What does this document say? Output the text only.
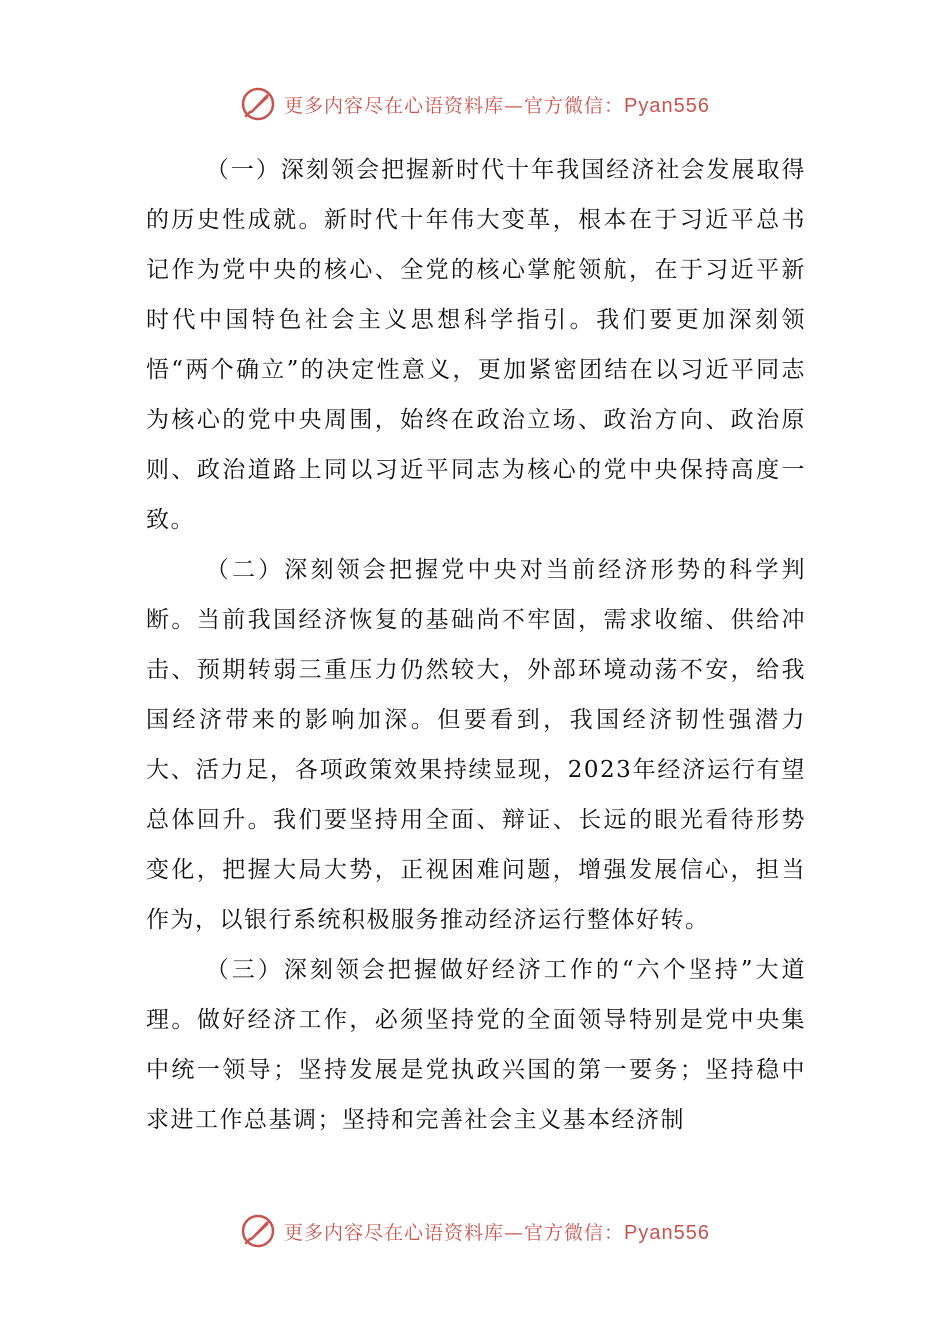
更多内容尽在心语资料库—官方微信：Pyan556

（一）深刻领会把握新时代十年我国经济社会发展取得的历史性成就。新时代十年伟大变革，根本在于习近平总书记作为党中央的核心、全党的核心掌舵领航，在于习近平新时代中国特色社会主义思想科学指引。我们要更加深刻领悟“两个确立”的决定性意义，更加紧密团结在以习近平同志为核心的党中央周围，始终在政治立场、政治方向、政治原则、政治道路上同以习近平同志为核心的党中央保持高度一致。

（二）深刻领会把握党中央对当前经济形势的科学判断。当前我国经济恢复的基础尚不牢固，需求收缩、供给冲击、预期转弱三重压力仍然较大，外部环境动荡不安，给我国经济带来的影响加深。但要看到，我国经济韧性强潜力大、活力足，各项政策效果持续显现，2023年经济运行有望总体回升。我们要坚持用全面、辩证、长远的眼光看待形势变化，把握大局大势，正视困难问题，增强发展信心，担当作为，以银行系统积极服务推动经济运行整体好转。

（三）深刻领会把握做好经济工作的“六个坚持”大道理。做好经济工作，必须坚持党的全面领导特别是党中央集中统一领导；坚持发展是党执政兴国的第一要务；坚持稳中求进工作总基调；坚持和完善社会主义基本经济制

更多内容尽在心语资料库—官方微信：Pyan556
